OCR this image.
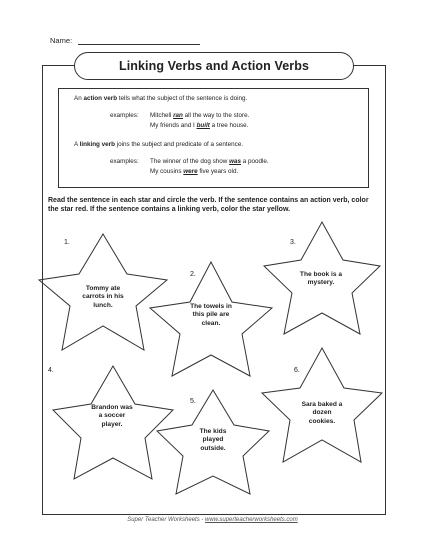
Name:
Linking Verbs and Action Verbs
An action verb tells what the subject of the sentence is doing.
examples: Mitchell ran all the way to the store.
My friends and I built a tree house.
A linking verb joins the subject and predicate of a sentence.
examples: The winner of the dog show was a poodle.
My cousins were five years old.
Read the sentence in each star and circle the verb. If the sentence contains an action verb, color the star red. If the sentence contains a linking verb, color the star yellow.
1.
2.
3.
4.
5.
6.
Tommy ate carrots in his lunch.	The towels in this pile are clean.
The book is a mystery.
Brandon was a soccer player.
The kids played outside.
Sara baked a dozen cookies.
Super Teacher Worksheets - www.superteacherworksheets.com
